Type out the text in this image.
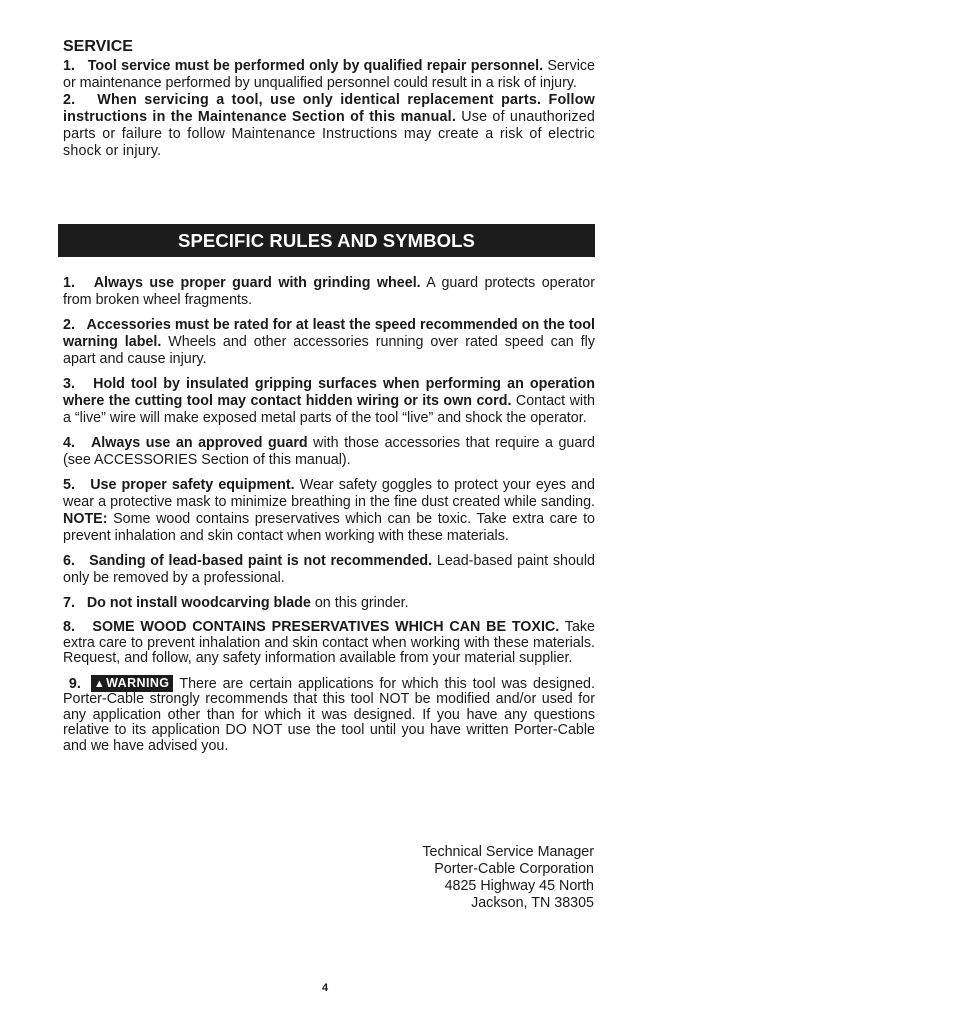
SERVICE

1. Tool service must be performed only by qualified repair personnel. Service or maintenance performed by unqualified personnel could result in a risk of injury.

2. When servicing a tool, use only identical replacement parts. Follow instructions in the Maintenance Section of this manual. Use of unauthorized parts or failure to follow Maintenance Instructions may create a risk of electric shock or injury.

SPECIFIC RULES AND SYMBOLS

1. Always use proper guard with grinding wheel. A guard protects operator from broken wheel fragments.

2. Accessories must be rated for at least the speed recommended on the tool warning label. Wheels and other accessories running over rated speed can fly apart and cause injury.

3. Hold tool by insulated gripping surfaces when performing an operation where the cutting tool may contact hidden wiring or its own cord. Contact with a “live” wire will make exposed metal parts of the tool “live” and shock the operator.

4. Always use an approved guard with those accessories that require a guard (see ACCESSORIES Section of this manual).

5. Use proper safety equipment. Wear safety goggles to protect your eyes and wear a protective mask to minimize breathing in the fine dust created while sanding. NOTE: Some wood contains preservatives which can be toxic. Take extra care to prevent inhalation and skin contact when working with these materials.

6. Sanding of lead-based paint is not recommended. Lead-based paint should only be removed by a professional.

7. Do not install woodcarving blade on this grinder.

8. SOME WOOD CONTAINS PRESERVATIVES WHICH CAN BE TOXIC. Take extra care to prevent inhalation and skin contact when working with these materials. Request, and follow, any safety information available from your material supplier.

9. ▲WARNING There are certain applications for which this tool was designed. Porter-Cable strongly recommends that this tool NOT be modified and/or used for any application other than for which it was designed. If you have any questions relative to its application DO NOT use the tool until you have written Porter-Cable and we have advised you.

Technical Service Manager
Porter-Cable Corporation
4825 Highway 45 North
Jackson, TN 38305
4
